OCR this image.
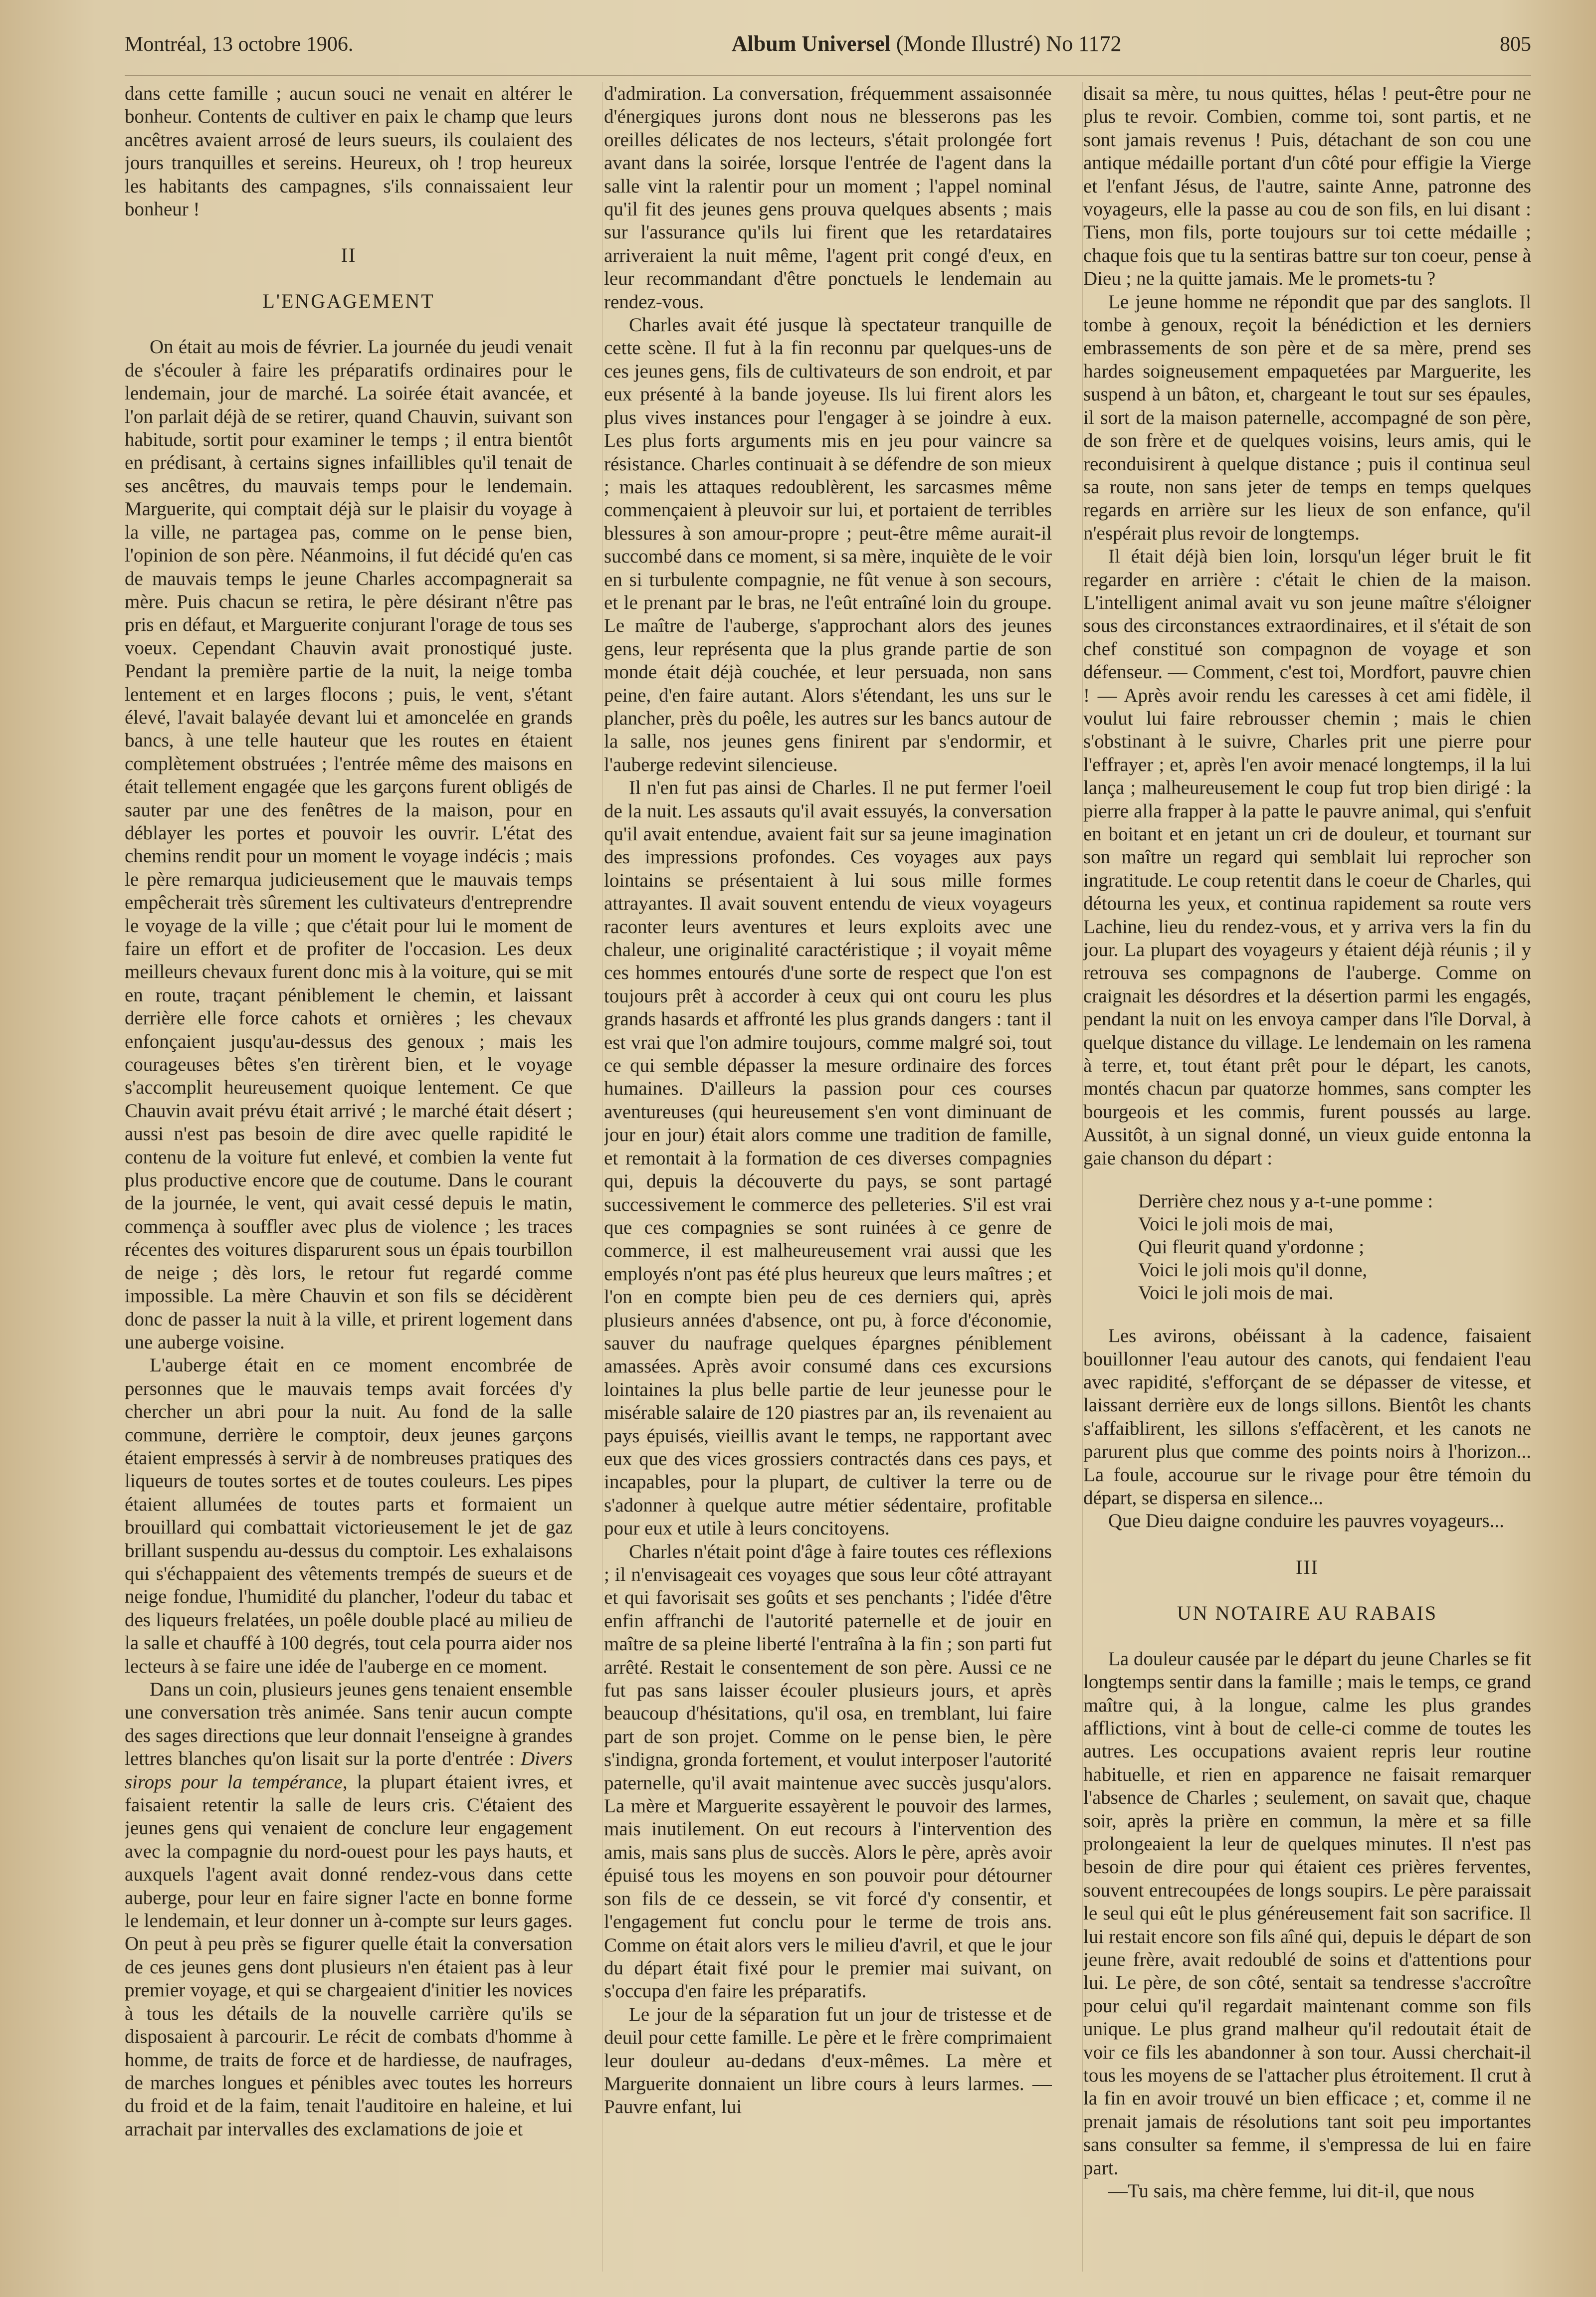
Montréal, 13 octobre 1906.	Album Universel (Monde Illustré) No 1172	805

dans cette famille ; aucun souci ne venait en altérer le bonheur. Contents de cultiver en paix le champ que leurs ancêtres avaient arrosé de leurs sueurs, ils coulaient des jours tranquilles et sereins. Heureux, oh ! trop heureux les habitants des campagnes, s'ils connaissaient leur bonheur !

II
L'ENGAGEMENT

On était au mois de février. La journée du jeudi venait de s'écouler à faire les préparatifs ordinaires pour le lendemain, jour de marché. La soirée était avancée, et l'on parlait déjà de se retirer, quand Chauvin, suivant son habitude, sortit pour examiner le temps ; il entra bientôt en prédisant, à certains signes infaillibles qu'il tenait de ses ancêtres, du mauvais temps pour le lendemain. Marguerite, qui comptait déjà sur le plaisir du voyage à la ville, ne partagea pas, comme on le pense bien, l'opinion de son père. Néanmoins, il fut décidé qu'en cas de mauvais temps le jeune Charles accompagnerait sa mère. Puis chacun se retira, le père désirant n'être pas pris en défaut, et Marguerite conjurant l'orage de tous ses voeux. Cependant Chauvin avait pronostiqué juste. Pendant la première partie de la nuit, la neige tomba lentement et en larges flocons ; puis, le vent, s'étant élevé, l'avait balayée devant lui et amoncelée en grands bancs, à une telle hauteur que les routes en étaient complètement obstruées ; l'entrée même des maisons en était tellement engagée que les garçons furent obligés de sauter par une des fenêtres de la maison, pour en déblayer les portes et pouvoir les ouvrir. L'état des chemins rendit pour un moment le voyage indécis ; mais le père remarqua judicieusement que le mauvais temps empêcherait très sûrement les cultivateurs d'entreprendre le voyage de la ville ; que c'était pour lui le moment de faire un effort et de profiter de l'occasion. Les deux meilleurs chevaux furent donc mis à la voiture, qui se mit en route, traçant péniblement le chemin, et laissant derrière elle force cahots et ornières ; les chevaux enfonçaient jusqu'au-dessus des genoux ; mais les courageuses bêtes s'en tirèrent bien, et le voyage s'accomplit heureusement quoique lentement. Ce que Chauvin avait prévu était arrivé ; le marché était désert ; aussi n'est pas besoin de dire avec quelle rapidité le contenu de la voiture fut enlevé, et combien la vente fut plus productive encore que de coutume. Dans le courant de la journée, le vent, qui avait cessé depuis le matin, commença à souffler avec plus de violence ; les traces récentes des voitures disparurent sous un épais tourbillon de neige ; dès lors, le retour fut regardé comme impossible. La mère Chauvin et son fils se décidèrent donc de passer la nuit à la ville, et prirent logement dans une auberge voisine.

L'auberge était en ce moment encombrée de personnes que le mauvais temps avait forcées d'y chercher un abri pour la nuit. Au fond de la salle commune, derrière le comptoir, deux jeunes garçons étaient empressés à servir à de nombreuses pratiques des liqueurs de toutes sortes et de toutes couleurs. Les pipes étaient allumées de toutes parts et formaient un brouillard qui combattait victorieusement le jet de gaz brillant suspendu au-dessus du comptoir. Les exhalaisons qui s'échappaient des vêtements trempés de sueurs et de neige fondue, l'humidité du plancher, l'odeur du tabac et des liqueurs frelatées, un poêle double placé au milieu de la salle et chauffé à 100 degrés, tout cela pourra aider nos lecteurs à se faire une idée de l'auberge en ce moment.

Dans un coin, plusieurs jeunes gens tenaient ensemble une conversation très animée. Sans tenir aucun compte des sages directions que leur donnait l'enseigne à grandes lettres blanches qu'on lisait sur la porte d'entrée : Divers sirops pour la tempérance, la plupart étaient ivres, et faisaient retentir la salle de leurs cris. C'étaient des jeunes gens qui venaient de conclure leur engagement avec la compagnie du nord-ouest pour les pays hauts, et auxquels l'agent avait donné rendez-vous dans cette auberge, pour leur en faire signer l'acte en bonne forme le lendemain, et leur donner un à-compte sur leurs gages. On peut à peu près se figurer quelle était la conversation de ces jeunes gens dont plusieurs n'en étaient pas à leur premier voyage, et qui se chargeaient d'initier les novices à tous les détails de la nouvelle carrière qu'ils se disposaient à parcourir. Le récit de combats d'homme à homme, de traits de force et de hardiesse, de naufrages, de marches longues et pénibles avec toutes les horreurs du froid et de la faim, tenait l'auditoire en haleine, et lui arrachait par intervalles des exclamations de joie et

d'admiration. La conversation, fréquemment assaisonnée d'énergiques jurons dont nous ne blesserons pas les oreilles délicates de nos lecteurs, s'était prolongée fort avant dans la soirée, lorsque l'entrée de l'agent dans la salle vint la ralentir pour un moment ; l'appel nominal qu'il fit des jeunes gens prouva quelques absents ; mais sur l'assurance qu'ils lui firent que les retardataires arriveraient la nuit même, l'agent prit congé d'eux, en leur recommandant d'être ponctuels le lendemain au rendez-vous.

Charles avait été jusque là spectateur tranquille de cette scène. Il fut à la fin reconnu par quelques-uns de ces jeunes gens, fils de cultivateurs de son endroit, et par eux présenté à la bande joyeuse. Ils lui firent alors les plus vives instances pour l'engager à se joindre à eux. Les plus forts arguments mis en jeu pour vaincre sa résistance. Charles continuait à se défendre de son mieux ; mais les attaques redoublèrent, les sarcasmes même commençaient à pleuvoir sur lui, et portaient de terribles blessures à son amour-propre ; peut-être même aurait-il succombé dans ce moment, si sa mère, inquiète de le voir en si turbulente compagnie, ne fût venue à son secours, et le prenant par le bras, ne l'eût entraîné loin du groupe. Le maître de l'auberge, s'approchant alors des jeunes gens, leur représenta que la plus grande partie de son monde était déjà couchée, et leur persuada, non sans peine, d'en faire autant. Alors s'étendant, les uns sur le plancher, près du poêle, les autres sur les bancs autour de la salle, nos jeunes gens finirent par s'endormir, et l'auberge redevint silencieuse.

Il n'en fut pas ainsi de Charles. Il ne put fermer l'oeil de la nuit. Les assauts qu'il avait essuyés, la conversation qu'il avait entendue, avaient fait sur sa jeune imagination des impressions profondes. Ces voyages aux pays lointains se présentaient à lui sous mille formes attrayantes. Il avait souvent entendu de vieux voyageurs raconter leurs aventures et leurs exploits avec une chaleur, une originalité caractéristique ; il voyait même ces hommes entourés d'une sorte de respect que l'on est toujours prêt à accorder à ceux qui ont couru les plus grands hasards et affronté les plus grands dangers : tant il est vrai que l'on admire toujours, comme malgré soi, tout ce qui semble dépasser la mesure ordinaire des forces humaines. D'ailleurs la passion pour ces courses aventureuses (qui heureusement s'en vont diminuant de jour en jour) était alors comme une tradition de famille, et remontait à la formation de ces diverses compagnies qui, depuis la découverte du pays, se sont partagé successivement le commerce des pelleteries. S'il est vrai que ces compagnies se sont ruinées à ce genre de commerce, il est malheureusement vrai aussi que les employés n'ont pas été plus heureux que leurs maîtres ; et l'on en compte bien peu de ces derniers qui, après plusieurs années d'absence, ont pu, à force d'économie, sauver du naufrage quelques épargnes péniblement amassées. Après avoir consumé dans ces excursions lointaines la plus belle partie de leur jeunesse pour le misérable salaire de 120 piastres par an, ils revenaient au pays épuisés, vieillis avant le temps, ne rapportant avec eux que des vices grossiers contractés dans ces pays, et incapables, pour la plupart, de cultiver la terre ou de s'adonner à quelque autre métier sédentaire, profitable pour eux et utile à leurs concitoyens.

Charles n'était point d'âge à faire toutes ces réflexions ; il n'envisageait ces voyages que sous leur côté attrayant et qui favorisait ses goûts et ses penchants ; l'idée d'être enfin affranchi de l'autorité paternelle et de jouir en maître de sa pleine liberté l'entraîna à la fin ; son parti fut arrêté. Restait le consentement de son père. Aussi ce ne fut pas sans laisser écouler plusieurs jours, et après beaucoup d'hésitations, qu'il osa, en tremblant, lui faire part de son projet. Comme on le pense bien, le père s'indigna, gronda fortement, et voulut interposer l'autorité paternelle, qu'il avait maintenue avec succès jusqu'alors. La mère et Marguerite essayèrent le pouvoir des larmes, mais inutilement. On eut recours à l'intervention des amis, mais sans plus de succès. Alors le père, après avoir épuisé tous les moyens en son pouvoir pour détourner son fils de ce dessein, se vit forcé d'y consentir, et l'engagement fut conclu pour le terme de trois ans. Comme on était alors vers le milieu d'avril, et que le jour du départ était fixé pour le premier mai suivant, on s'occupa d'en faire les préparatifs.

Le jour de la séparation fut un jour de tristesse et de deuil pour cette famille. Le père et le frère comprimaient leur douleur au-dedans d'eux-mêmes. La mère et Marguerite donnaient un libre cours à leurs larmes. — Pauvre enfant, lui

disait sa mère, tu nous quittes, hélas ! peut-être pour ne plus te revoir. Combien, comme toi, sont partis, et ne sont jamais revenus ! Puis, détachant de son cou une antique médaille portant d'un côté pour effigie la Vierge et l'enfant Jésus, de l'autre, sainte Anne, patronne des voyageurs, elle la passe au cou de son fils, en lui disant : Tiens, mon fils, porte toujours sur toi cette médaille ; chaque fois que tu la sentiras battre sur ton coeur, pense à Dieu ; ne la quitte jamais. Me le promets-tu ?

Le jeune homme ne répondit que par des sanglots. Il tombe à genoux, reçoit la bénédiction et les derniers embrassements de son père et de sa mère, prend ses hardes soigneusement empaquetées par Marguerite, les suspend à un bâton, et, chargeant le tout sur ses épaules, il sort de la maison paternelle, accompagné de son père, de son frère et de quelques voisins, leurs amis, qui le reconduisirent à quelque distance ; puis il continua seul sa route, non sans jeter de temps en temps quelques regards en arrière sur les lieux de son enfance, qu'il n'espérait plus revoir de longtemps.

Il était déjà bien loin, lorsqu'un léger bruit le fit regarder en arrière : c'était le chien de la maison. L'intelligent animal avait vu son jeune maître s'éloigner sous des circonstances extraordinaires, et il s'était de son chef constitué son compagnon de voyage et son défenseur. — Comment, c'est toi, Mordfort, pauvre chien ! — Après avoir rendu les caresses à cet ami fidèle, il voulut lui faire rebrousser chemin ; mais le chien s'obstinant à le suivre, Charles prit une pierre pour l'effrayer ; et, après l'en avoir menacé longtemps, il la lui lança ; malheureusement le coup fut trop bien dirigé : la pierre alla frapper à la patte le pauvre animal, qui s'enfuit en boitant et en jetant un cri de douleur, et tournant sur son maître un regard qui semblait lui reprocher son ingratitude. Le coup retentit dans le coeur de Charles, qui détourna les yeux, et continua rapidement sa route vers Lachine, lieu du rendez-vous, et y arriva vers la fin du jour. La plupart des voyageurs y étaient déjà réunis ; il y retrouva ses compagnons de l'auberge. Comme on craignait les désordres et la désertion parmi les engagés, pendant la nuit on les envoya camper dans l'île Dorval, à quelque distance du village. Le lendemain on les ramena à terre, et, tout étant prêt pour le départ, les canots, montés chacun par quatorze hommes, sans compter les bourgeois et les commis, furent poussés au large. Aussitôt, à un signal donné, un vieux guide entonna la gaie chanson du départ :

Derrière chez nous y a-t-une pomme :
Voici le joli mois de mai,
Qui fleurit quand y'ordonne ;
Voici le joli mois qu'il donne,
Voici le joli mois de mai.

Les avirons, obéissant à la cadence, faisaient bouillonner l'eau autour des canots, qui fendaient l'eau avec rapidité, s'efforçant de se dépasser de vitesse, et laissant derrière eux de longs sillons. Bientôt les chants s'affaiblirent, les sillons s'effacèrent, et les canots ne parurent plus que comme des points noirs à l'horizon... La foule, accourue sur le rivage pour être témoin du départ, se dispersa en silence...

Que Dieu daigne conduire les pauvres voyageurs...

III
UN NOTAIRE AU RABAIS

La douleur causée par le départ du jeune Charles se fit longtemps sentir dans la famille ; mais le temps, ce grand maître qui, à la longue, calme les plus grandes afflictions, vint à bout de celle-ci comme de toutes les autres. Les occupations avaient repris leur routine habituelle, et rien en apparence ne faisait remarquer l'absence de Charles ; seulement, on savait que, chaque soir, après la prière en commun, la mère et sa fille prolongeaient la leur de quelques minutes. Il n'est pas besoin de dire pour qui étaient ces prières ferventes, souvent entrecoupées de longs soupirs. Le père paraissait le seul qui eût le plus généreusement fait son sacrifice. Il lui restait encore son fils aîné qui, depuis le départ de son jeune frère, avait redoublé de soins et d'attentions pour lui. Le père, de son côté, sentait sa tendresse s'accroître pour celui qu'il regardait maintenant comme son fils unique. Le plus grand malheur qu'il redoutait était de voir ce fils les abandonner à son tour. Aussi cherchait-il tous les moyens de se l'attacher plus étroitement. Il crut à la fin en avoir trouvé un bien efficace ; et, comme il ne prenait jamais de résolutions tant soit peu importantes sans consulter sa femme, il s'empressa de lui en faire part.

—Tu sais, ma chère femme, lui dit-il, que nous
